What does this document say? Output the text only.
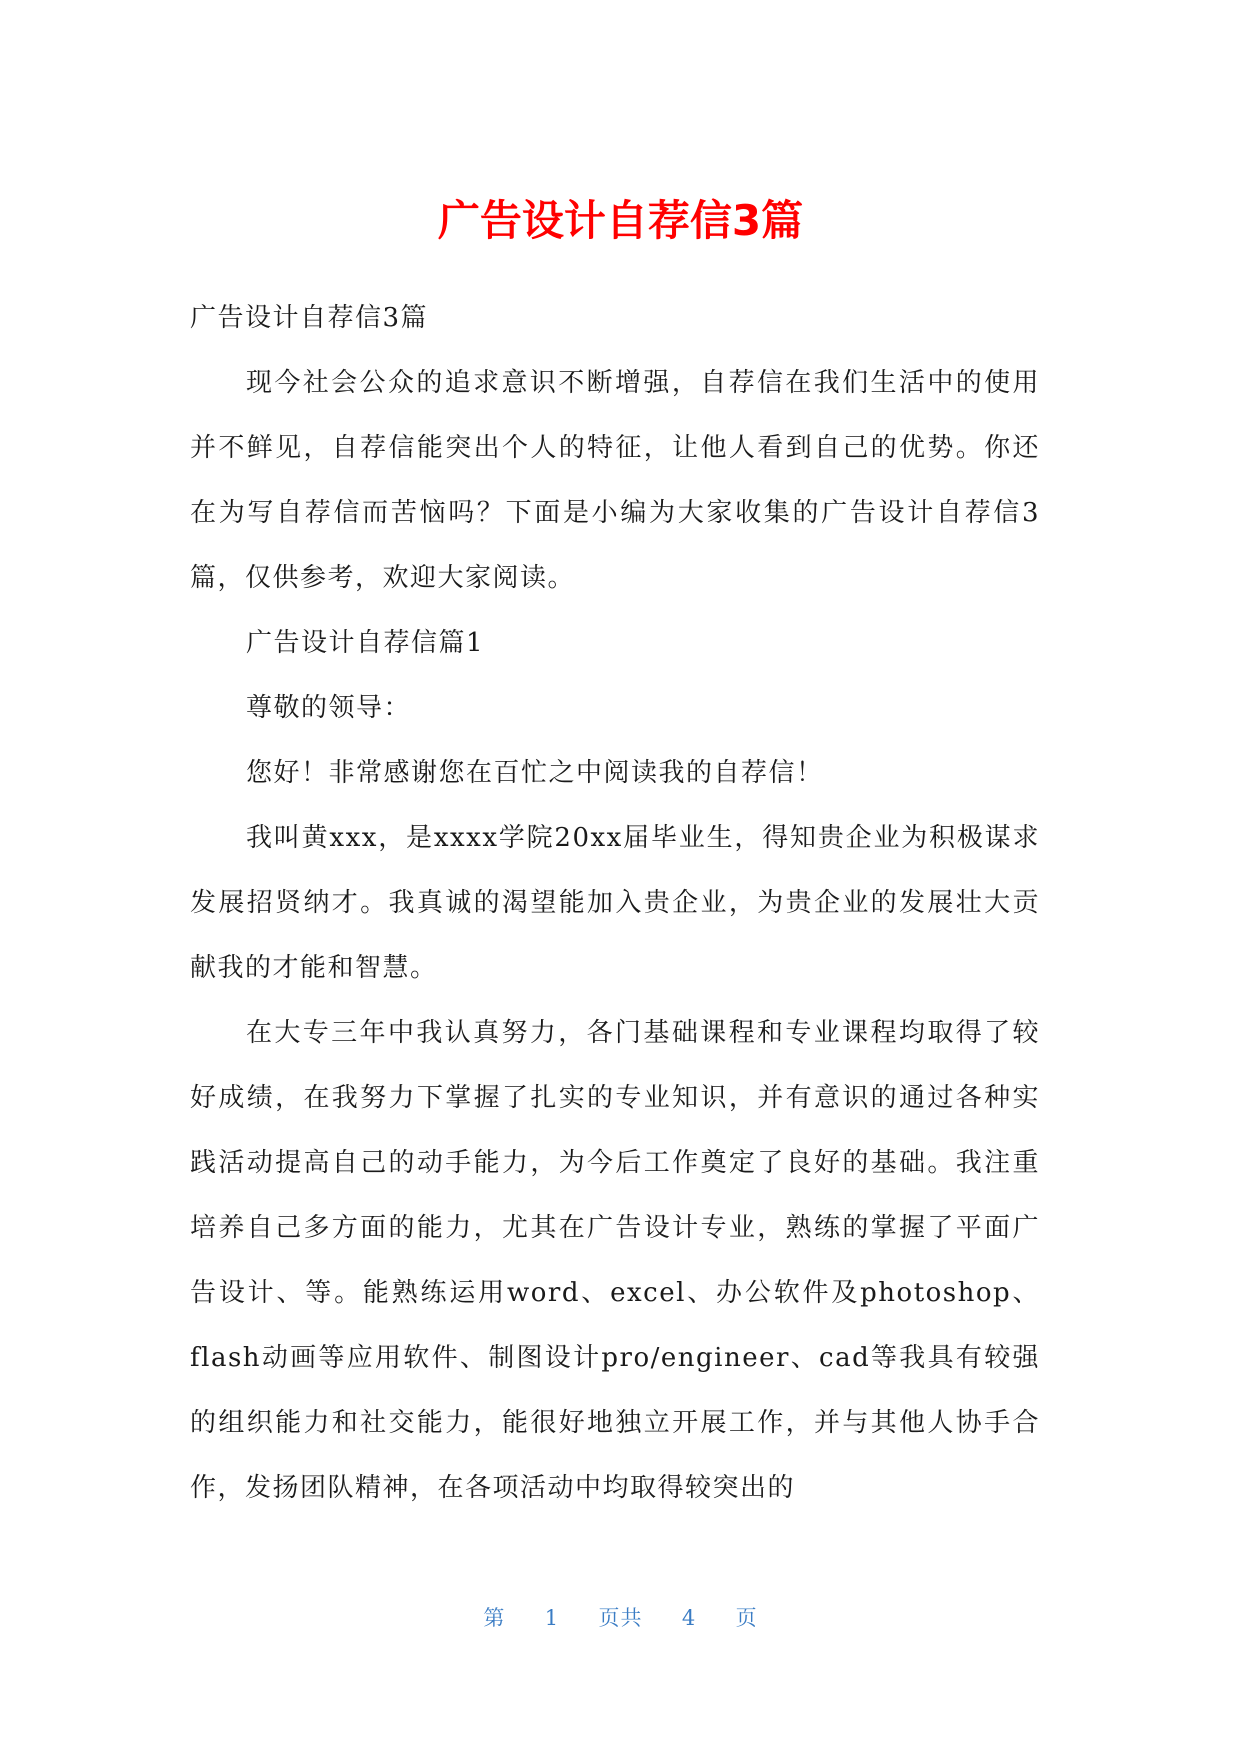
广告设计自荐信3篇

广告设计自荐信3篇

现今社会公众的追求意识不断增强，自荐信在我们生活中的使用并不鲜见，自荐信能突出个人的特征，让他人看到自己的优势。你还在为写自荐信而苦恼吗？下面是小编为大家收集的广告设计自荐信3篇，仅供参考，欢迎大家阅读。

广告设计自荐信篇1

尊敬的领导：

您好！非常感谢您在百忙之中阅读我的自荐信！

我叫黄xxx，是xxxx学院20xx届毕业生，得知贵企业为积极谋求发展招贤纳才。我真诚的渴望能加入贵企业，为贵企业的发展壮大贡献我的才能和智慧。

在大专三年中我认真努力，各门基础课程和专业课程均取得了较好成绩，在我努力下掌握了扎实的专业知识，并有意识的通过各种实践活动提高自己的动手能力，为今后工作奠定了良好的基础。我注重培养自己多方面的能力，尤其在广告设计专业，熟练的掌握了平面广告设计、等。能熟练运用word、excel、办公软件及photoshop、flash动画等应用软件、制图设计pro/engineer、cad等我具有较强的组织能力和社交能力，能很好地独立开展工作，并与其他人协手合作，发扬团队精神，在各项活动中均取得较突出的

第 1 页共 4 页
